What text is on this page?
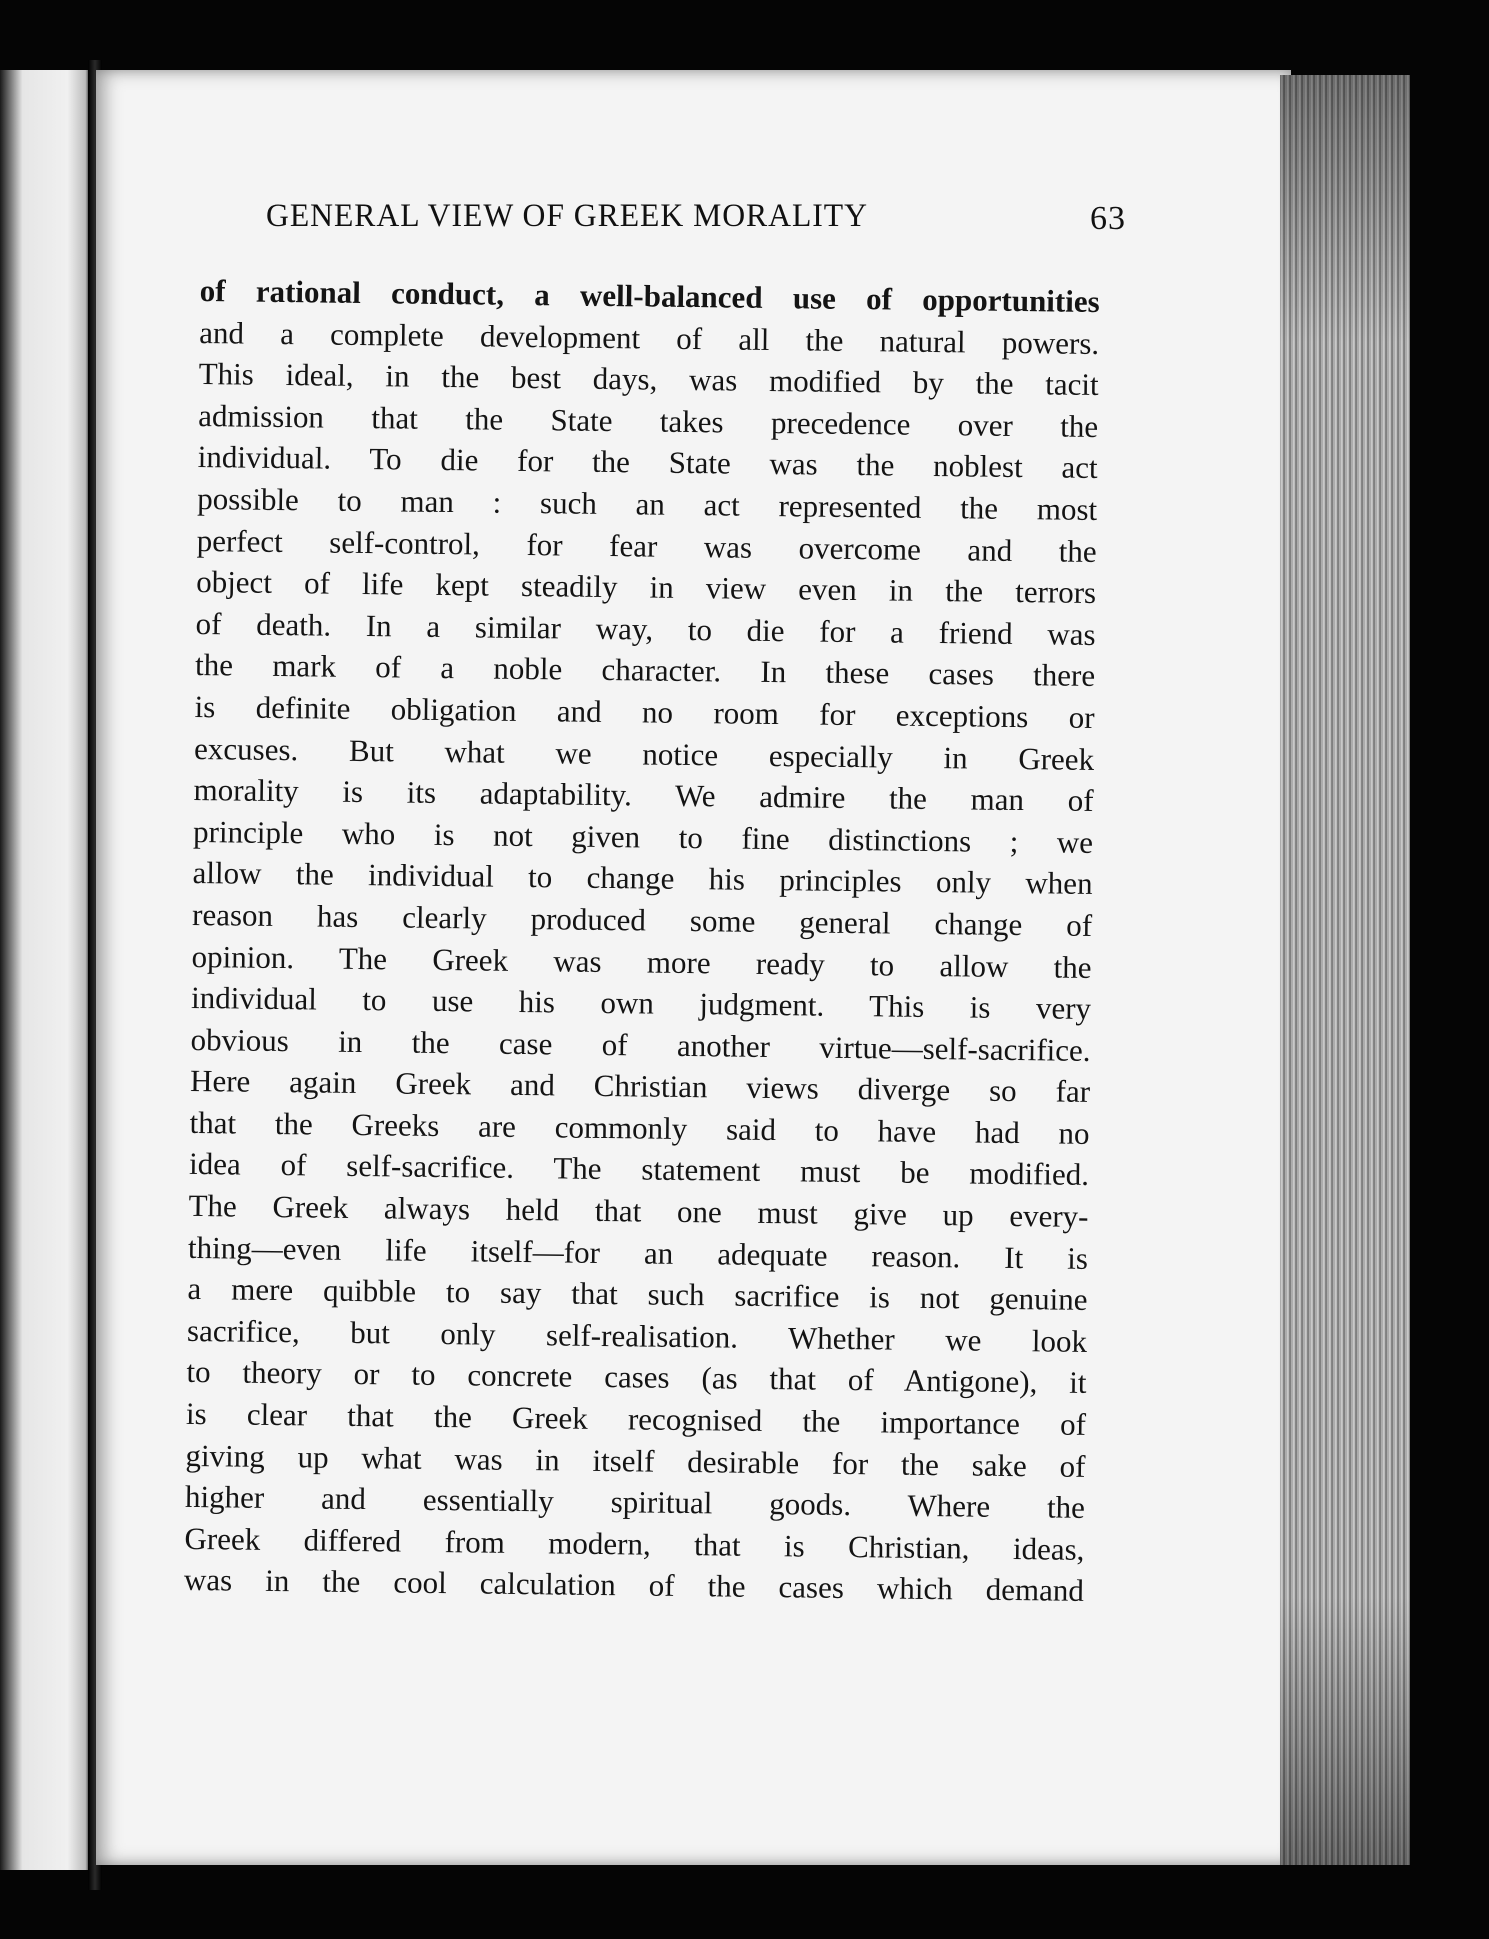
GENERAL VIEW OF GREEK MORALITY	63
of rational conduct, a well-balanced use of opportunities
and a complete development of all the natural powers.
This ideal, in the best days, was modified by the tacit
admission that the State takes precedence over the
individual. To die for the State was the noblest act
possible to man : such an act represented the most
perfect self-control, for fear was overcome and the
object of life kept steadily in view even in the terrors
of death. In a similar way, to die for a friend was
the mark of a noble character. In these cases there
is definite obligation and no room for exceptions or
excuses. But what we notice especially in Greek
morality is its adaptability. We admire the man of
principle who is not given to fine distinctions ; we
allow the individual to change his principles only when
reason has clearly produced some general change of
opinion. The Greek was more ready to allow the
individual to use his own judgment. This is very
obvious in the case of another virtue—self-sacrifice.
Here again Greek and Christian views diverge so far
that the Greeks are commonly said to have had no
idea of self-sacrifice. The statement must be modified.
The Greek always held that one must give up every-
thing—even life itself—for an adequate reason. It is
a mere quibble to say that such sacrifice is not genuine
sacrifice, but only self-realisation. Whether we look
to theory or to concrete cases (as that of Antigone), it
is clear that the Greek recognised the importance of
giving up what was in itself desirable for the sake of
higher and essentially spiritual goods. Where the
Greek differed from modern, that is Christian, ideas,
was in the cool calculation of the cases which demand
